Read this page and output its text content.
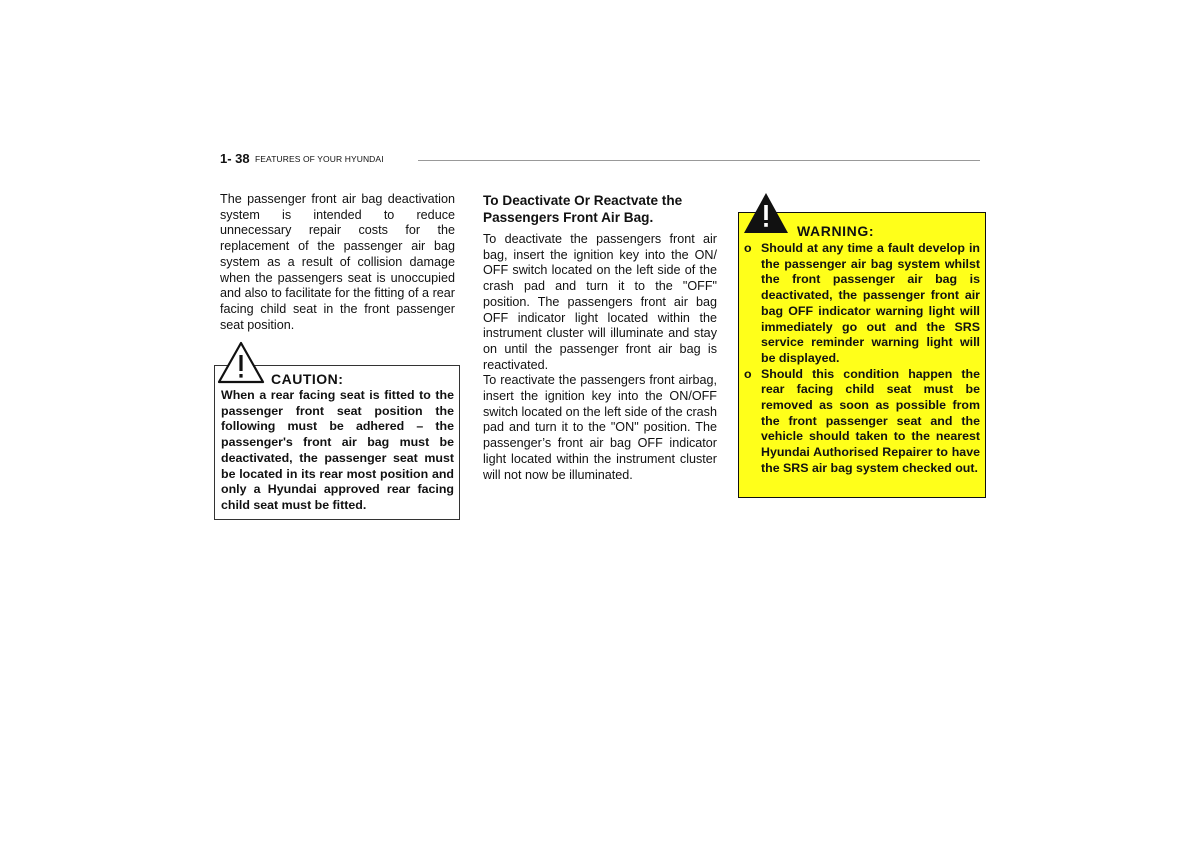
1- 38 FEATURES OF YOUR HYUNDAI
The passenger front air bag deactivation system is intended to reduce unnecessary repair costs for the replacement of the passenger air bag system as a result of collision damage when the passengers seat is unoccupied and also to facilitate for the fitting of a rear facing child seat in the front passenger seat position.
CAUTION:
When a rear facing seat is fitted to the passenger front seat position the following must be adhered – the passenger's front air bag must be deactivated, the passenger seat must be located in its rear most position and only a Hyundai approved rear facing child seat must be fitted.
To Deactivate Or Reactvate the Passengers Front Air Bag.

To deactivate the passengers front air bag, insert the ignition key into the ON/ OFF switch located on the left side of the crash pad and turn it to the "OFF" position. The passengers front air bag OFF indicator light located within the instrument cluster will illuminate and stay on until the passenger front air bag is reactivated.

To reactivate the passengers front airbag, insert the ignition key into the ON/OFF switch located on the left side of the crash pad and turn it to the "ON" position. The passenger’s front air bag OFF indicator light located within the instrument cluster will not now be illuminated.

WARNING:
o Should at any time a fault develop in the passenger air bag system whilst the front passenger air bag is deactivated, the passenger front air bag OFF indicator warning light will immediately go out and the SRS service reminder warning light will be displayed.
o Should this condition happen the rear facing child seat must be removed as soon as possible from the front passenger seat and the vehicle should taken to the nearest Hyundai Authorised Repairer to have the SRS air bag system checked out.
